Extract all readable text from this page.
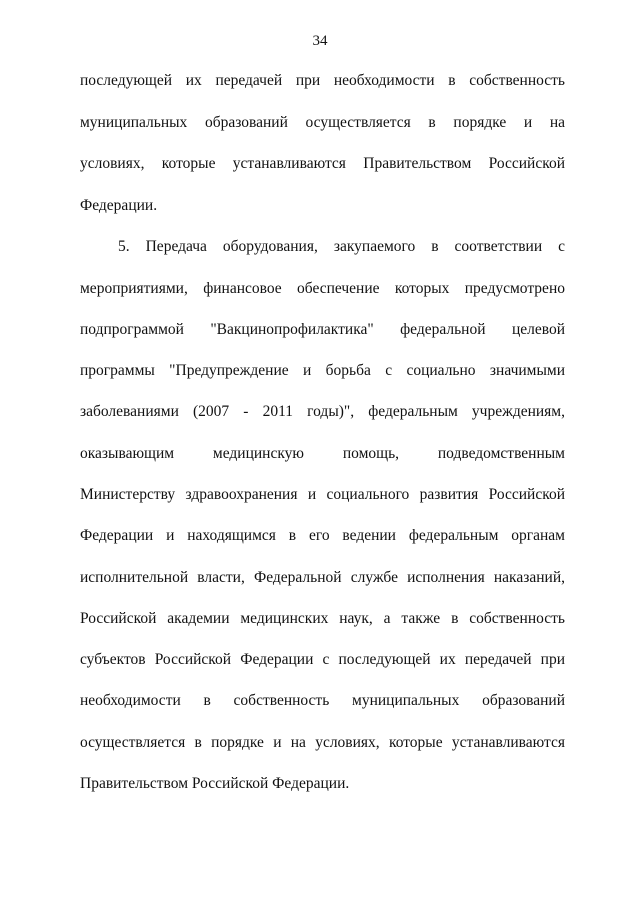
34
последующей их передачей при необходимости в собственность
муниципальных образований осуществляется в порядке и на
условиях, которые устанавливаются Правительством Российской
Федерации.
5. Передача оборудования, закупаемого в соответствии с
мероприятиями, финансовое обеспечение которых предусмотрено
подпрограммой "Вакцинопрофилактика" федеральной целевой
программы "Предупреждение и борьба с социально значимыми
заболеваниями (2007 - 2011 годы)", федеральным учреждениям,
оказывающим медицинскую помощь, подведомственным
Министерству здравоохранения и социального развития Российской
Федерации и находящимся в его ведении федеральным органам
исполнительной власти, Федеральной службе исполнения наказаний,
Российской академии медицинских наук, а также в собственность
субъектов Российской Федерации с последующей их передачей при
необходимости в собственность муниципальных образований
осуществляется в порядке и на условиях, которые устанавливаются
Правительством Российской Федерации.
